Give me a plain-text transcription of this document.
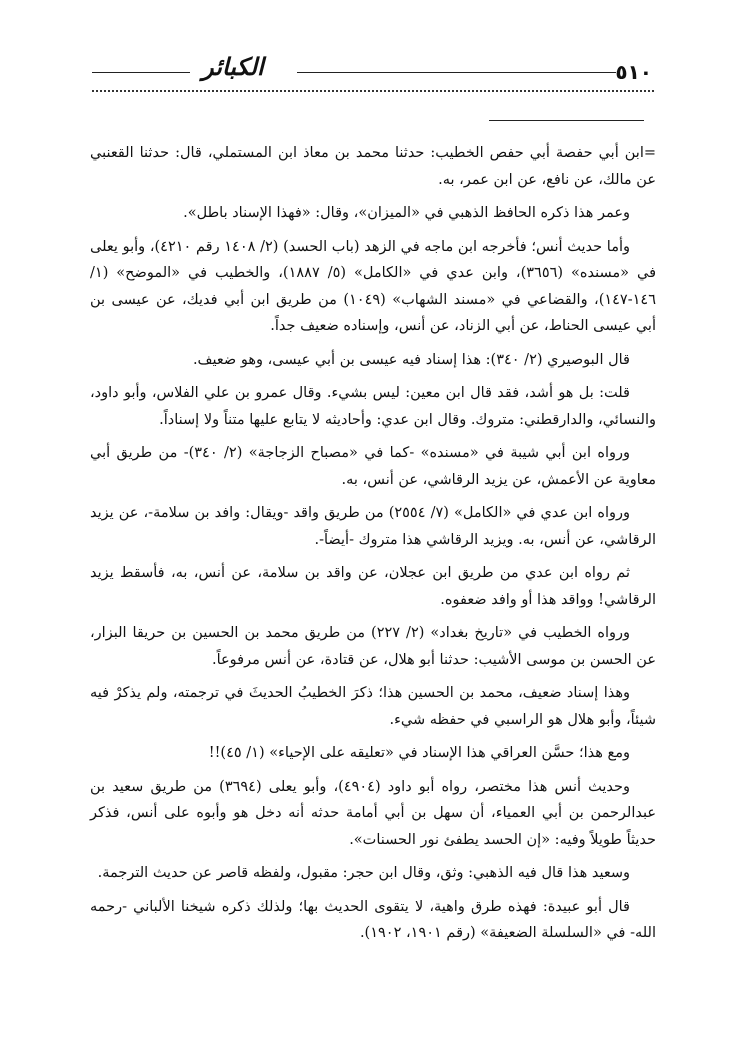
٥١٠
الكبائر

=ابن أبي حفصة أبي حفص الخطيب: حدثنا محمد بن معاذ ابن المستملي، قال: حدثنا القعنبي عن مالك، عن نافع، عن ابن عمر، به.

وعمر هذا ذكره الحافظ الذهبي في «الميزان»، وقال: «فهذا الإسناد باطل».

وأما حديث أنس؛ فأخرجه ابن ماجه في الزهد (باب الحسد) (٢/ ١٤٠٨ رقم ٤٢١٠)، وأبو يعلى في «مسنده» (٣٦٥٦)، وابن عدي في «الكامل» (٥/ ١٨٨٧)، والخطيب في «الموضح» (١/ ١٤٦-١٤٧)، والقضاعي في «مسند الشهاب» (١٠٤٩) من طريق ابن أبي فديك، عن عيسى بن أبي عيسى الحناط، عن أبي الزناد، عن أنس، وإسناده ضعيف جداً.

قال البوصيري (٢/ ٣٤٠): هذا إسناد فيه عيسى بن أبي عيسى، وهو ضعيف.

قلت: بل هو أشد، فقد قال ابن معين: ليس بشيء. وقال عمرو بن علي الفلاس، وأبو داود، والنسائي، والدارقطني: متروك. وقال ابن عدي: وأحاديثه لا يتابع عليها متناً ولا إسناداً.

ورواه ابن أبي شيبة في «مسنده» -كما في «مصباح الزجاجة» (٢/ ٣٤٠)- من طريق أبي معاوية عن الأعمش، عن يزيد الرقاشي، عن أنس، به.

ورواه ابن عدي في «الكامل» (٧/ ٢٥٥٤) من طريق واقد -ويقال: وافد بن سلامة-، عن يزيد الرقاشي، عن أنس، به. ويزيد الرقاشي هذا متروك -أيضاً-.

ثم رواه ابن عدي من طريق ابن عجلان، عن واقد بن سلامة، عن أنس، به، فأسقط يزيد الرقاشي! وواقد هذا أو وافد ضعفوه.

ورواه الخطيب في «تاريخ بغداد» (٢/ ٢٢٧) من طريق محمد بن الحسين بن حريقا البزار، عن الحسن بن موسى الأشيب: حدثنا أبو هلال، عن قتادة، عن أنس مرفوعاً.

وهذا إسناد ضعيف، محمد بن الحسين هذا؛ ذكرَ الخطيبُ الحديثَ في ترجمته، ولم يذكرْ فيه شيئاً، وأبو هلال هو الراسبي في حفظه شيء.

ومع هذا؛ حسَّن العراقي هذا الإسناد في «تعليقه على الإحياء» (١/ ٤٥)!!

وحديث أنس هذا مختصر، رواه أبو داود (٤٩٠٤)، وأبو يعلى (٣٦٩٤) من طريق سعيد بن عبدالرحمن بن أبي العمياء، أن سهل بن أبي أمامة حدثه أنه دخل هو وأبوه على أنس، فذكر حديثاً طويلاً وفيه: «إن الحسد يطفئ نور الحسنات».

وسعيد هذا قال فيه الذهبي: وثق، وقال ابن حجر: مقبول، ولفظه قاصر عن حديث الترجمة.

قال أبو عبيدة: فهذه طرق واهية، لا يتقوى الحديث بها؛ ولذلك ذكره شيخنا الألباني -رحمه الله- في «السلسلة الضعيفة» (رقم ١٩٠١، ١٩٠٢).
